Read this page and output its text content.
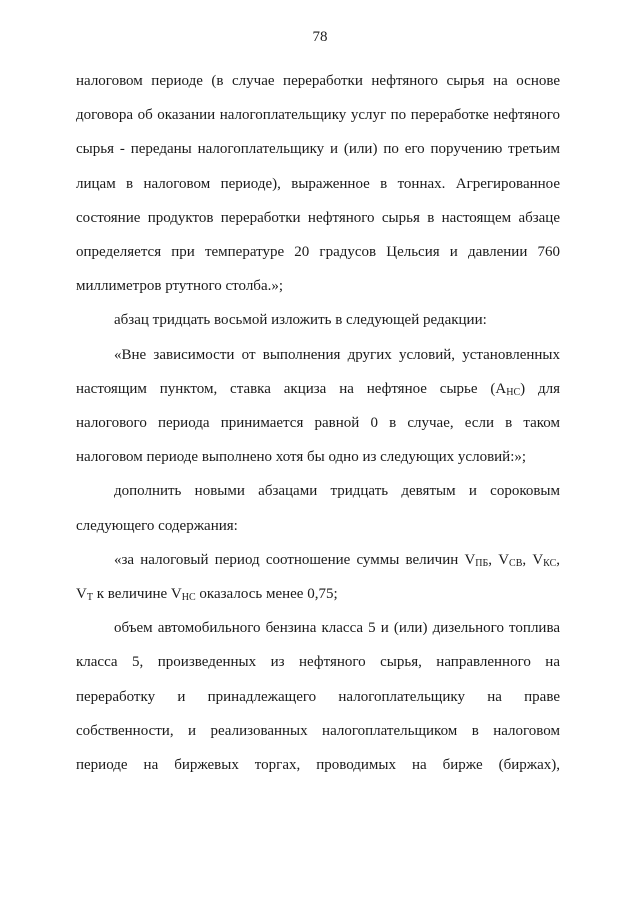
78

налоговом периоде (в случае переработки нефтяного сырья на основе договора об оказании налогоплательщику услуг по переработке нефтяного сырья - переданы налогоплательщику и (или) по его поручению третьим лицам в налоговом периоде), выраженное в тоннах. Агрегированное состояние продуктов переработки нефтяного сырья в настоящем абзаце определяется при температуре 20 градусов Цельсия и давлении 760 миллиметров ртутного столба.»;

абзац тридцать восьмой изложить в следующей редакции:

«Вне зависимости от выполнения других условий, установленных настоящим пунктом, ставка акциза на нефтяное сырье $(А_{НС})$ для налогового периода принимается равной 0 в случае, если в таком налоговом периоде выполнено хотя бы одно из следующих условий:»;

дополнить новыми абзацами тридцать девятым и сороковым следующего содержания:

«за налоговый период соотношение суммы величин $V_{ПБ}$, $V_{СВ}$, $V_{КС}$, $V_Т$ к величине $V_{НС}$ оказалось менее 0,75;

объем автомобильного бензина класса 5 и (или) дизельного топлива класса 5, произведенных из нефтяного сырья, направленного на переработку и принадлежащего налогоплательщику на праве собственности, и реализованных налогоплательщиком в налоговом периоде на биржевых торгах, проводимых на бирже (биржах),
